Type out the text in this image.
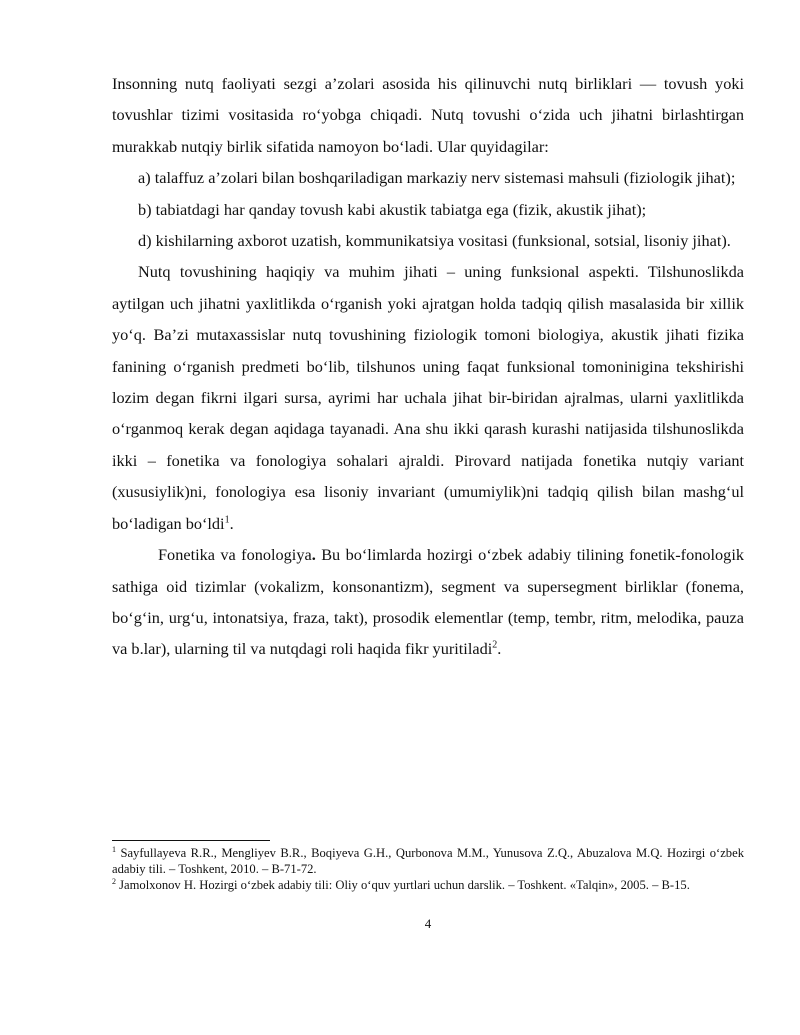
Insonning nutq faoliyati sezgi a’zolari asosida his qilinuvchi nutq birliklari — tovush yoki tovushlar tizimi vositasida ro‘yobga chiqadi. Nutq tovushi o‘zida uch jihatni birlashtirgan murakkab nutqiy birlik sifatida namoyon bo‘ladi. Ular quyidagilar:

a) talaffuz a’zolari bilan boshqariladigan markaziy nerv sistemasi mahsuli (fiziologik jihat);

b) tabiatdagi har qanday tovush kabi akustik tabiatga ega (fizik, akustik jihat);

d) kishilarning axborot uzatish, kommunikatsiya vositasi (funksional, sotsial, lisoniy jihat).

Nutq tovushining haqiqiy va muhim jihati – uning funksional aspekti. Tilshunoslikda aytilgan uch jihatni yaxlitlikda o‘rganish yoki ajratgan holda tadqiq qilish masalasida bir xillik yo‘q. Ba’zi mutaxassislar nutq tovushining fiziologik tomoni biologiya, akustik jihati fizika fanining o‘rganish predmeti bo‘lib, tilshunos uning faqat funksional tomoninigina tekshirishi lozim degan fikrni ilgari sursa, ayrimi har uchala jihat bir-biridan ajralmas, ularni yaxlitlikda o‘rganmoq kerak degan aqidaga tayanadi. Ana shu ikki qarash kurashi natijasida tilshunoslikda ikki – fonetika va fonologiya sohalari ajraldi. Pirovard natijada fonetika nutqiy variant (xususiylik)ni, fonologiya esa lisoniy invariant (umumiylik)ni tadqiq qilish bilan mashg‘ul bo‘ladigan bo‘ldi$^1$.

Fonetika va fonologiya. Bu bo‘limlarda hozirgi o‘zbek adabiy tilining fonetik-fonologik sathiga oid tizimlar (vokalizm, konsonantizm), segment va supersegment birliklar (fonema, bo‘g‘in, urg‘u, intonatsiya, fraza, takt), prosodik elementlar (temp, tembr, ritm, melodika, pauza va b.lar), ularning til va nutqdagi roli haqida fikr yuritiladi$^2$.

$^1$ Sayfullayeva R.R., Mengliyev B.R., Boqiyeva G.H., Qurbonova M.M., Yunusova Z.Q., Abuzalova M.Q. Hozirgi o‘zbek adabiy tili. – Toshkent, 2010. – B-71-72.

$^2$ Jamolxonov H. Hozirgi o‘zbek adabiy tili: Oliy o‘quv yurtlari uchun darslik. – Toshkent. «Talqin», 2005. – B-15.

4
